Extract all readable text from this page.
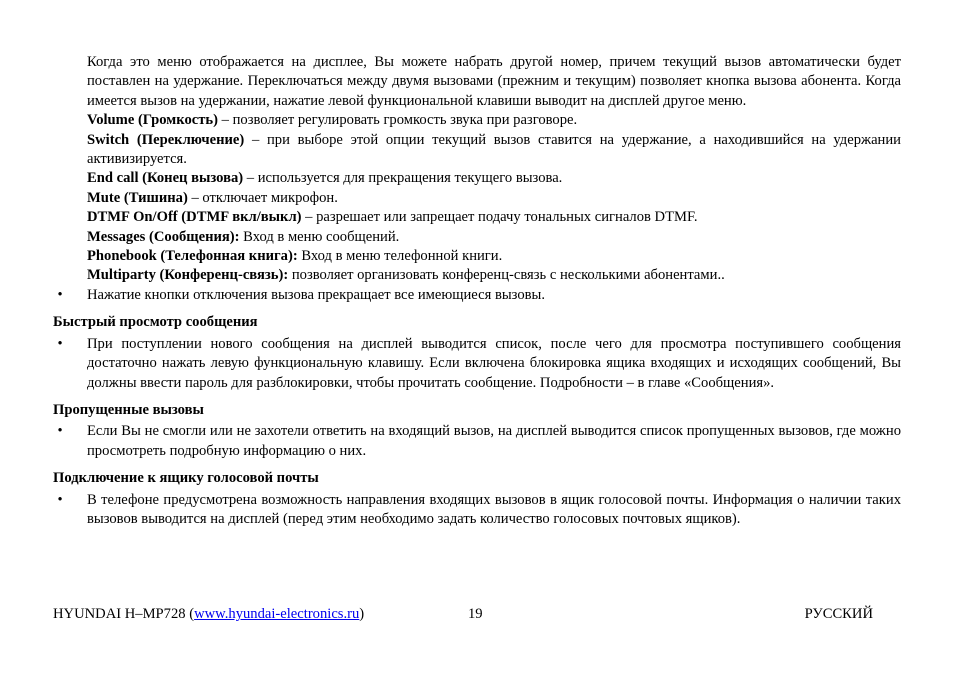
Когда это меню отображается на дисплее, Вы можете набрать другой номер, причем текущий вызов автоматически будет поставлен на удержание. Переключаться между двумя вызовами (прежним и текущим) позволяет кнопка вызова абонента. Когда имеется вызов на удержании, нажатие левой функциональной клавиши выводит на дисплей другое меню.

Volume (Громкость) – позволяет регулировать громкость звука при разговоре.

Switch (Переключение) – при выборе этой опции текущий вызов ставится на удержание, а находившийся на удержании активизируется.

End call (Конец вызова) – используется для прекращения текущего вызова.

Mute (Тишина) – отключает микрофон.

DTMF On/Off (DTMF вкл/выкл) – разрешает или запрещает подачу тональных сигналов DTMF.

Messages (Сообщения): Вход в меню сообщений.

Phonebook (Телефонная книга): Вход в меню телефонной книги.

Multiparty (Конференц-связь): позволяет организовать конференц-связь с несколькими абонентами..

•	Нажатие кнопки отключения вызова прекращает все имеющиеся вызовы.

Быстрый просмотр сообщения

•	При поступлении нового сообщения на дисплей выводится список, после чего для просмотра поступившего сообщения достаточно нажать левую функциональную клавишу. Если включена блокировка ящика входящих и исходящих сообщений, Вы должны ввести пароль для разблокировки, чтобы прочитать сообщение. Подробности – в главе «Сообщения».

Пропущенные вызовы

•	Если Вы не смогли или не захотели ответить на входящий вызов, на дисплей выводится список пропущенных вызовов, где можно просмотреть подробную информацию о них.

Подключение к ящику голосовой почты

•	В телефоне предусмотрена возможность направления входящих вызовов в ящик голосовой почты. Информация о наличии таких вызовов выводится на дисплей (перед этим необходимо задать количество голосовых почтовых ящиков).

HYUNDAI H–MP728 (www.hyundai-electronics.ru)	19	РУССКИЙ
